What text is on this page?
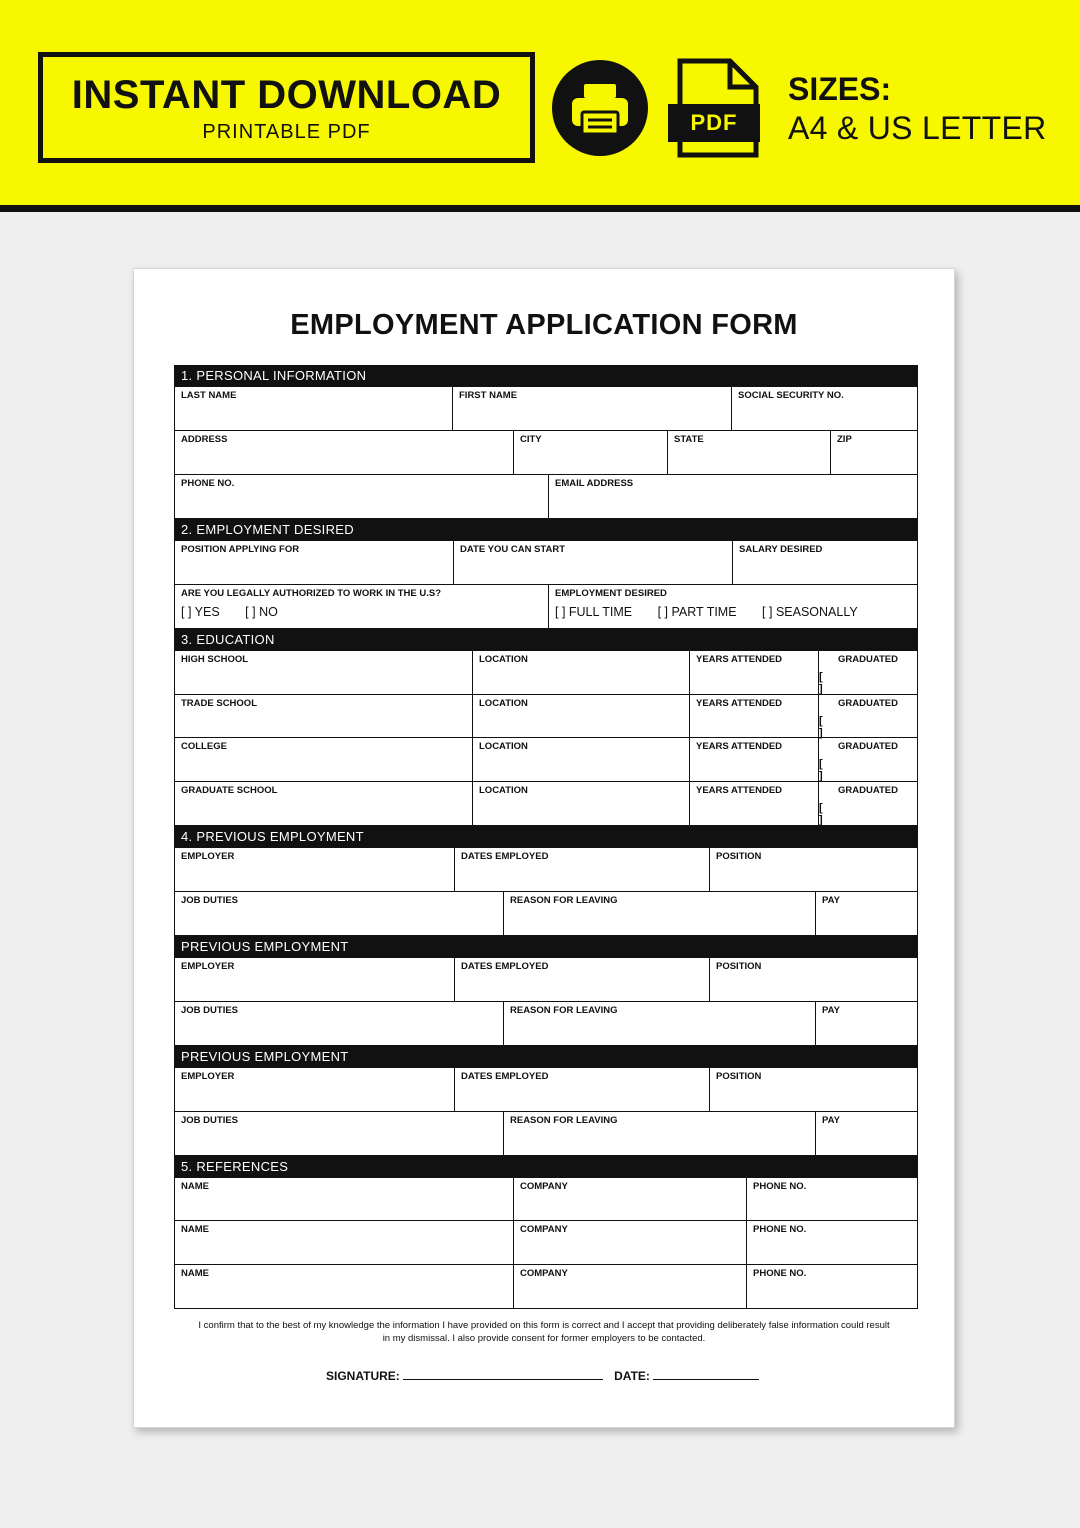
INSTANT DOWNLOAD
PRINTABLE PDF	PDF
SIZES:
A4 & US LETTER
EMPLOYMENT APPLICATION FORM
1. PERSONAL INFORMATION
LAST NAME	FIRST NAME	SOCIAL SECURITY NO.
ADDRESS	CITY	STATE	ZIP
PHONE NO.	EMAIL ADDRESS
2. EMPLOYMENT DESIRED
POSITION APPLYING FOR	DATE YOU CAN START	SALARY DESIRED
ARE YOU LEGALLY AUTHORIZED TO WORK IN THE U.S?
[ ] YES [ ] NO
EMPLOYMENT DESIRED
[ ] FULL TIME [ ] PART TIME [ ] SEASONALLY
3. EDUCATION
HIGH SCHOOL	LOCATION	YEARS ATTENDED	GRADUATED
[ ]
TRADE SCHOOL	LOCATION	YEARS ATTENDED	GRADUATED
[ ]
COLLEGE	LOCATION	YEARS ATTENDED	GRADUATED
[ ]
GRADUATE SCHOOL	LOCATION	YEARS ATTENDED	GRADUATED
[ ]
4. PREVIOUS EMPLOYMENT
EMPLOYER	DATES EMPLOYED	POSITION
JOB DUTIES	REASON FOR LEAVING	PAY
PREVIOUS EMPLOYMENT
EMPLOYER	DATES EMPLOYED	POSITION
JOB DUTIES	REASON FOR LEAVING	PAY
PREVIOUS EMPLOYMENT
EMPLOYER	DATES EMPLOYED	POSITION
JOB DUTIES	REASON FOR LEAVING	PAY
5. REFERENCES
NAME	COMPANY	PHONE NO.
NAME	COMPANY	PHONE NO.
NAME	COMPANY	PHONE NO.
I confirm that to the best of my knowledge the information I have provided on this form is correct and I accept that providing deliberately false information could result in my dismissal. I also provide consent for former employers to be contacted.
SIGNATURE:	DATE:
